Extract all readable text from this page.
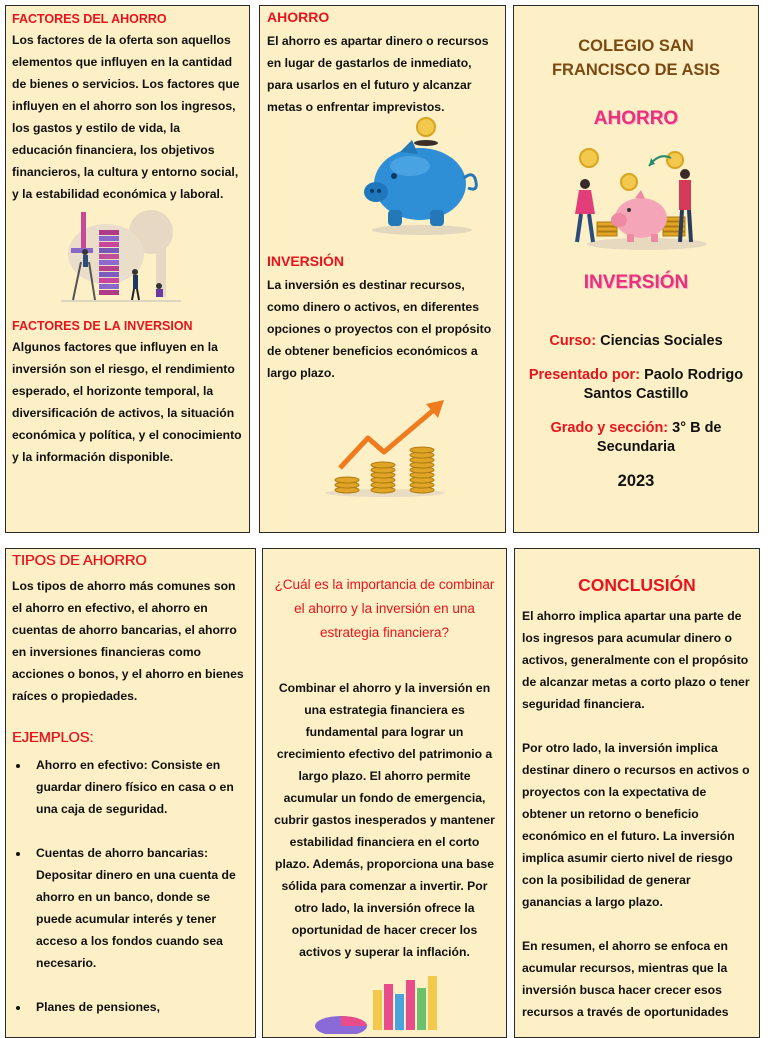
FACTORES DEL AHORRO

Los factores de la oferta son aquellos elementos que influyen en la cantidad de bienes o servicios. Los factores que influyen en el ahorro son los ingresos, los gastos y estilo de vida, la educación financiera, los objetivos financieros, la cultura y entorno social, y la estabilidad económica y laboral.

FACTORES DE LA INVERSION

Algunos factores que influyen en la inversión son el riesgo, el rendimiento esperado, el horizonte temporal, la diversificación de activos, la situación económica y política, y el conocimiento y la información disponible.

AHORRO

El ahorro es apartar dinero o recursos en lugar de gastarlos de inmediato, para usarlos en el futuro y alcanzar metas o enfrentar imprevistos.

INVERSIÓN

La inversión es destinar recursos, como dinero o activos, en diferentes opciones o proyectos con el propósito de obtener beneficios económicos a largo plazo.

COLEGIO SAN FRANCISCO DE ASIS
AHORRO
INVERSIÓN
Curso: Ciencias Sociales
Presentado por: Paolo Rodrigo Santos Castillo
Grado y sección: 3° B de Secundaria
2023

TIPOS DE AHORRO

Los tipos de ahorro más comunes son el ahorro en efectivo, el ahorro en cuentas de ahorro bancarias, el ahorro en inversiones financieras como acciones o bonos, y el ahorro en bienes raíces o propiedades.

EJEMPLOS:

• Ahorro en efectivo: Consiste en guardar dinero físico en casa o en una caja de seguridad.
• Cuentas de ahorro bancarias: Depositar dinero en una cuenta de ahorro en un banco, donde se puede acumular interés y tener acceso a los fondos cuando sea necesario.
• Planes de pensiones,

¿Cuál es la importancia de combinar el ahorro y la inversión en una estrategia financiera?

Combinar el ahorro y la inversión en una estrategia financiera es fundamental para lograr un crecimiento efectivo del patrimonio a largo plazo. El ahorro permite acumular un fondo de emergencia, cubrir gastos inesperados y mantener estabilidad financiera en el corto plazo. Además, proporciona una base sólida para comenzar a invertir. Por otro lado, la inversión ofrece la oportunidad de hacer crecer los activos y superar la inflación.

CONCLUSIÓN

El ahorro implica apartar una parte de los ingresos para acumular dinero o activos, generalmente con el propósito de alcanzar metas a corto plazo o tener seguridad financiera.

Por otro lado, la inversión implica destinar dinero o recursos en activos o proyectos con la expectativa de obtener un retorno o beneficio económico en el futuro. La inversión implica asumir cierto nivel de riesgo con la posibilidad de generar ganancias a largo plazo.

En resumen, el ahorro se enfoca en acumular recursos, mientras que la inversión busca hacer crecer esos recursos a través de oportunidades
